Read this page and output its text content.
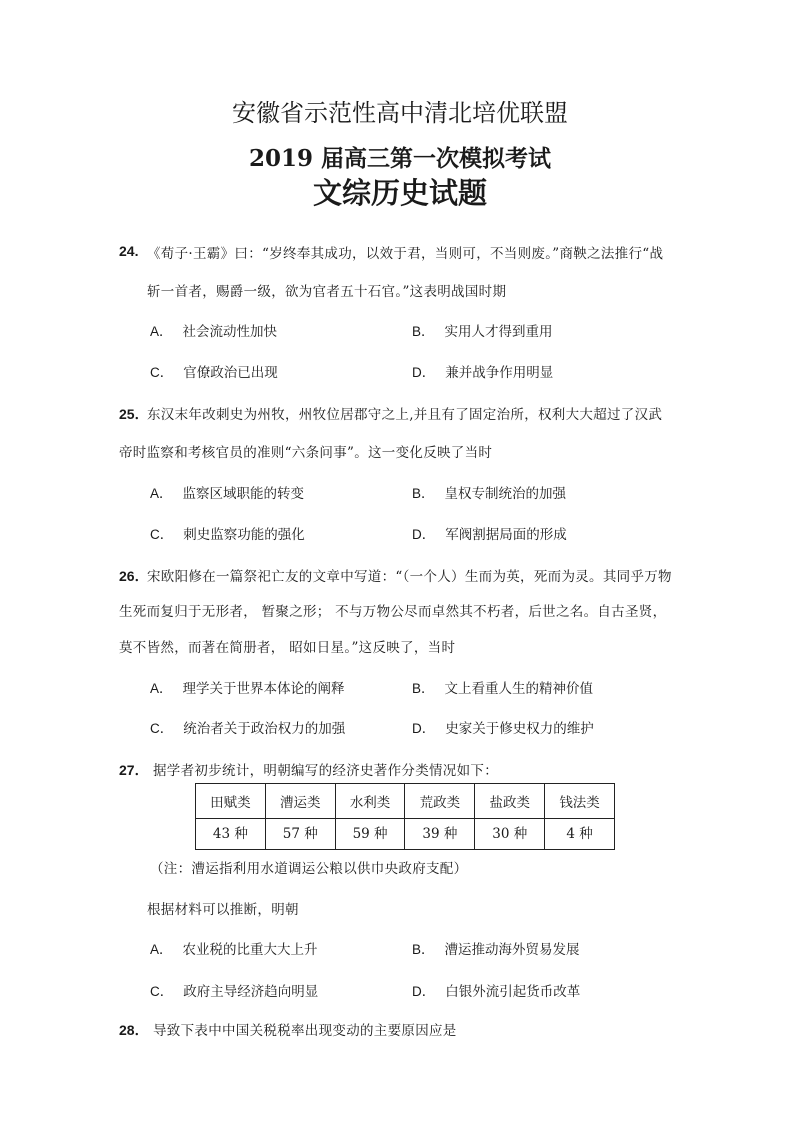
安徽省示范性高中清北培优联盟
2019 届高三第一次模拟考试
文综历史试题
24. 《荀子·王霸》曰：“岁终奉其成功，以效于君，当则可，不当则废。”商鞅之法推行“战
斩一首者，赐爵一级，欲为官者五十石官。”这表明战国时期
A． 社会流动性加快	B． 实用人才得到重用
C． 官僚政治已出现	D． 兼并战争作用明显
25．
东汉末年改刺史为州牧，州牧位居郡守之上,并且有了固定治所，权利大大超过了汉武
帝时监察和考核官员的准则“六条问事”。这一变化反映了当时
A． 监察区域职能的转变	B． 皇权专制统治的加强
C． 刺史监察功能的强化	D． 军阀割据局面的形成
26．
宋欧阳修在一篇祭祀亡友的文章中写道：“（一个人）生而为英，死而为灵。其同乎万物
生死而复归于无形者， 暂聚之形； 不与万物公尽而卓然其不朽者，后世之名。自古圣贤，
莫不皆然，而著在简册者， 昭如日星。”这反映了，当时
A． 理学关于世界本体论的阐释	B． 文上看重人生的精神价值
C． 统治者关于政治权力的加强	D． 史家关于修史权力的维护
27． 据学者初步统计，明朝编写的经济史著作分类情况如下：
田赋类	漕运类	水利类	荒政类	盐政类	钱法类
43 种	57 种	59 种	39 种	30 种	4 种
（注：漕运指利用水道调运公粮以供巾央政府支配）
根据材料可以推断，明朝
A． 农业税的比重大大上升	B． 漕运推动海外贸易发展
C． 政府主导经济趋向明显	D． 白银外流引起货币改革
28． 导致下表中中国关税税率出现变动的主要原因应是
